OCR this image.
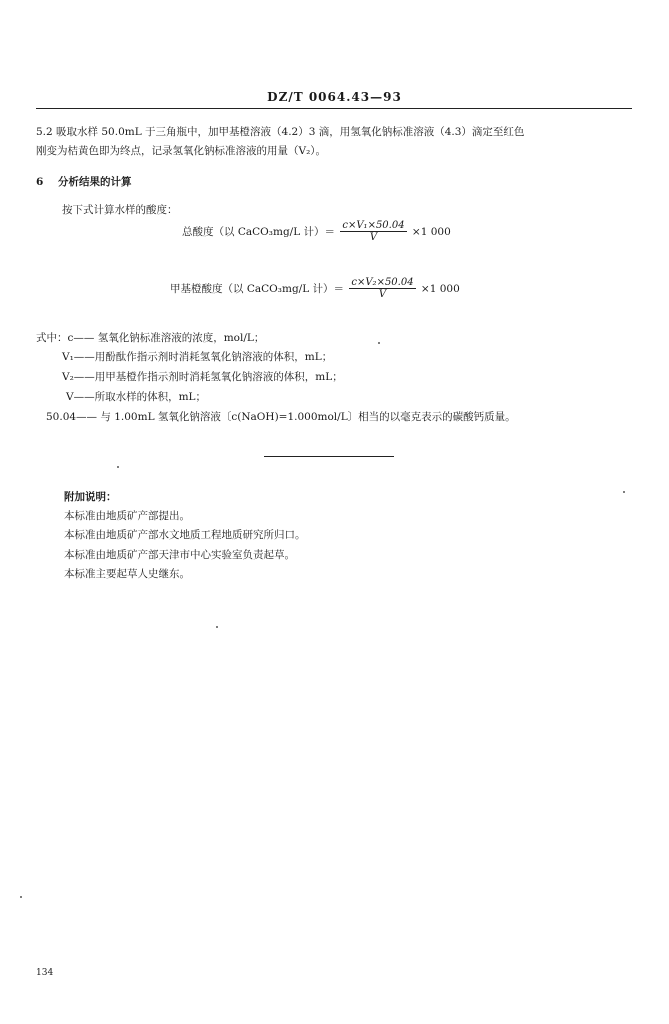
DZ/T 0064.43—93
5.2 吸取水样 50.0mL 于三角瓶中，加甲基橙溶液（4.2）3 滴，用氢氧化钠标准溶液（4.3）滴定至红色
刚变为桔黄色即为终点，记录氢氧化钠标准溶液的用量（V₂）。
6 分析结果的计算
按下式计算水样的酸度：
总酸度（以 CaCO₃mg/L 计）＝ $\frac{\text{c×V₁×50.04}}{V} \times 1$ 000
甲基橙酸度（以 CaCO₃mg/L 计）＝ $\frac{\text{c×V₂×50.04}}{V} \times 1$ 000
式中：c—— 氢氧化钠标准溶液的浓度，mol/L；
V₁——用酚酞作指示剂时消耗氢氧化钠溶液的体积，mL；
V₂——用甲基橙作指示剂时消耗氢氧化钠溶液的体积，mL；
V——所取水样的体积，mL；
50.04—— 与 1.00mL 氢氧化钠溶液〔c(NaOH)=1.000mol/L〕相当的以毫克表示的碳酸钙质量。
附加说明：
本标准由地质矿产部提出。
本标准由地质矿产部水文地质工程地质研究所归口。
本标准由地质矿产部天津市中心实验室负责起草。
本标准主要起草人史继东。
134
